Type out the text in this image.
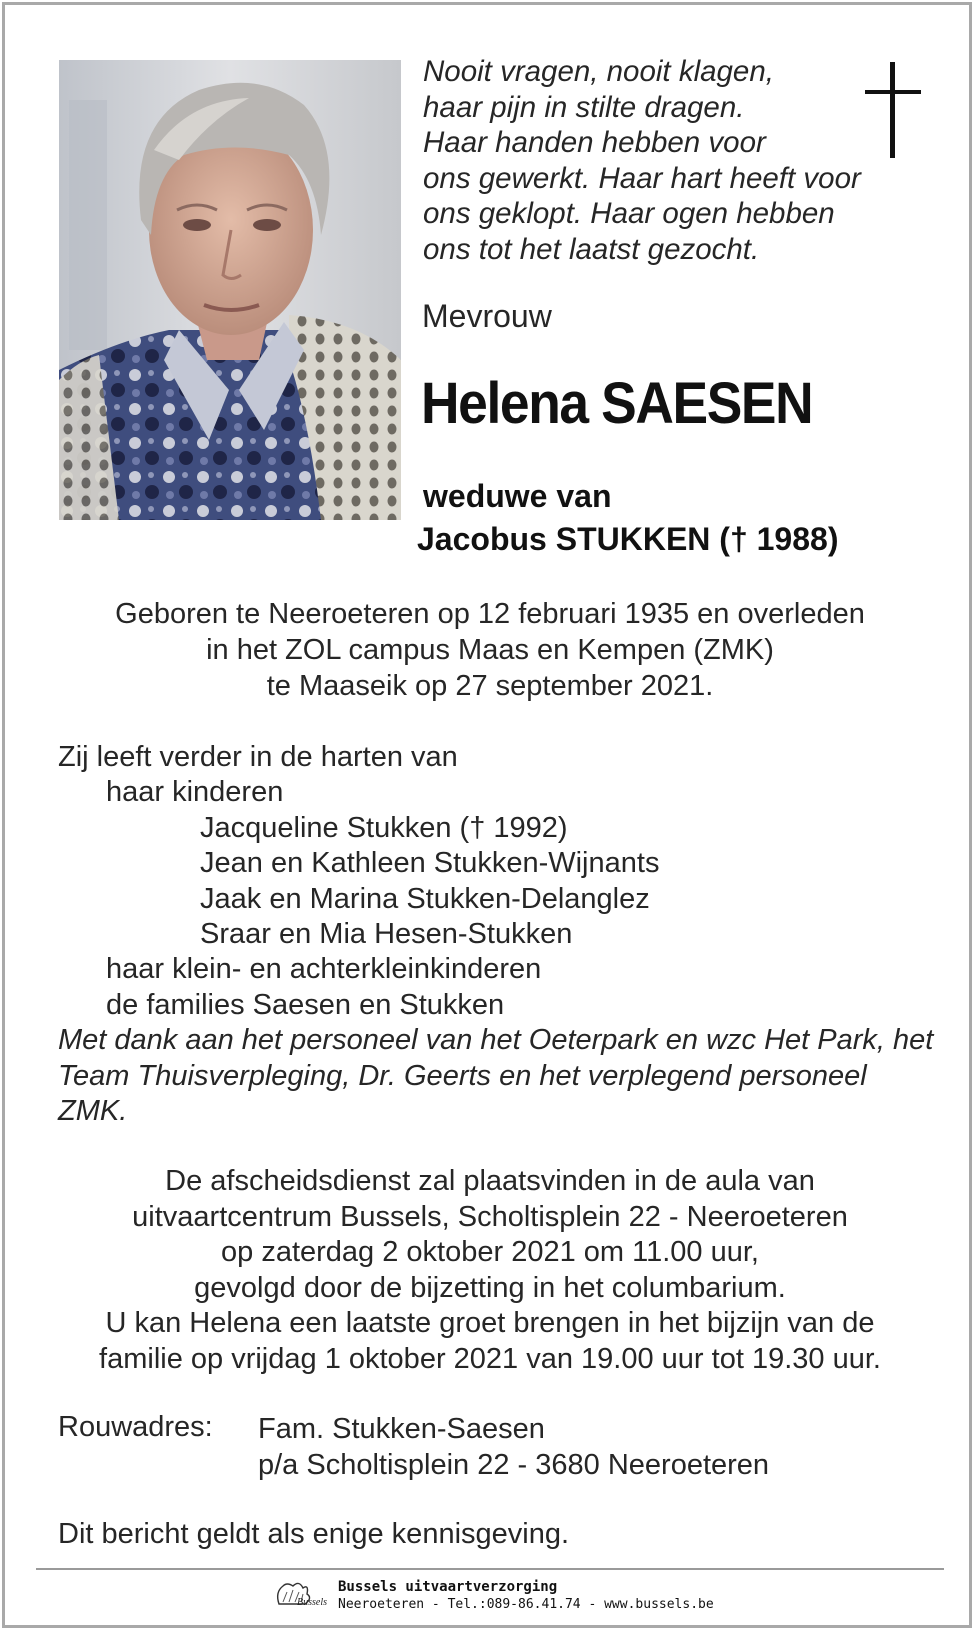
Nooit vragen, nooit klagen,
haar pijn in stilte dragen.
Haar handen hebben voor
ons gewerkt. Haar hart heeft voor
ons geklopt. Haar ogen hebben
ons tot het laatst gezocht.
Mevrouw
Helena SAESEN
weduwe van
Jacobus STUKKEN († 1988)
Geboren te Neeroeteren op 12 februari 1935 en overleden
in het ZOL campus Maas en Kempen (ZMK)
te Maaseik op 27 september 2021.
Zij leeft verder in de harten van
haar kinderen
Jacqueline Stukken († 1992)
Jean en Kathleen Stukken-Wijnants
Jaak en Marina Stukken-Delanglez
Sraar en Mia Hesen-Stukken
haar klein- en achterkleinkinderen
de families Saesen en Stukken
Met dank aan het personeel van het Oeterpark en wzc Het Park, het Team Thuisverpleging, Dr. Geerts en het verplegend personeel ZMK.
De afscheidsdienst zal plaatsvinden in de aula van
uitvaartcentrum Bussels, Scholtisplein 22 - Neeroeteren
op zaterdag 2 oktober 2021 om 11.00 uur,
gevolgd door de bijzetting in het columbarium.
U kan Helena een laatste groet brengen in het bijzijn van de
familie op vrijdag 1 oktober 2021 van 19.00 uur tot 19.30 uur.
Rouwadres: Fam. Stukken-Saesen
p/a Scholtisplein 22 - 3680 Neeroeteren
Dit bericht geldt als enige kennisgeving.
Bussels
Bussels uitvaartverzorging
Neeroeteren - Tel.:089-86.41.74 - www.bussels.be
